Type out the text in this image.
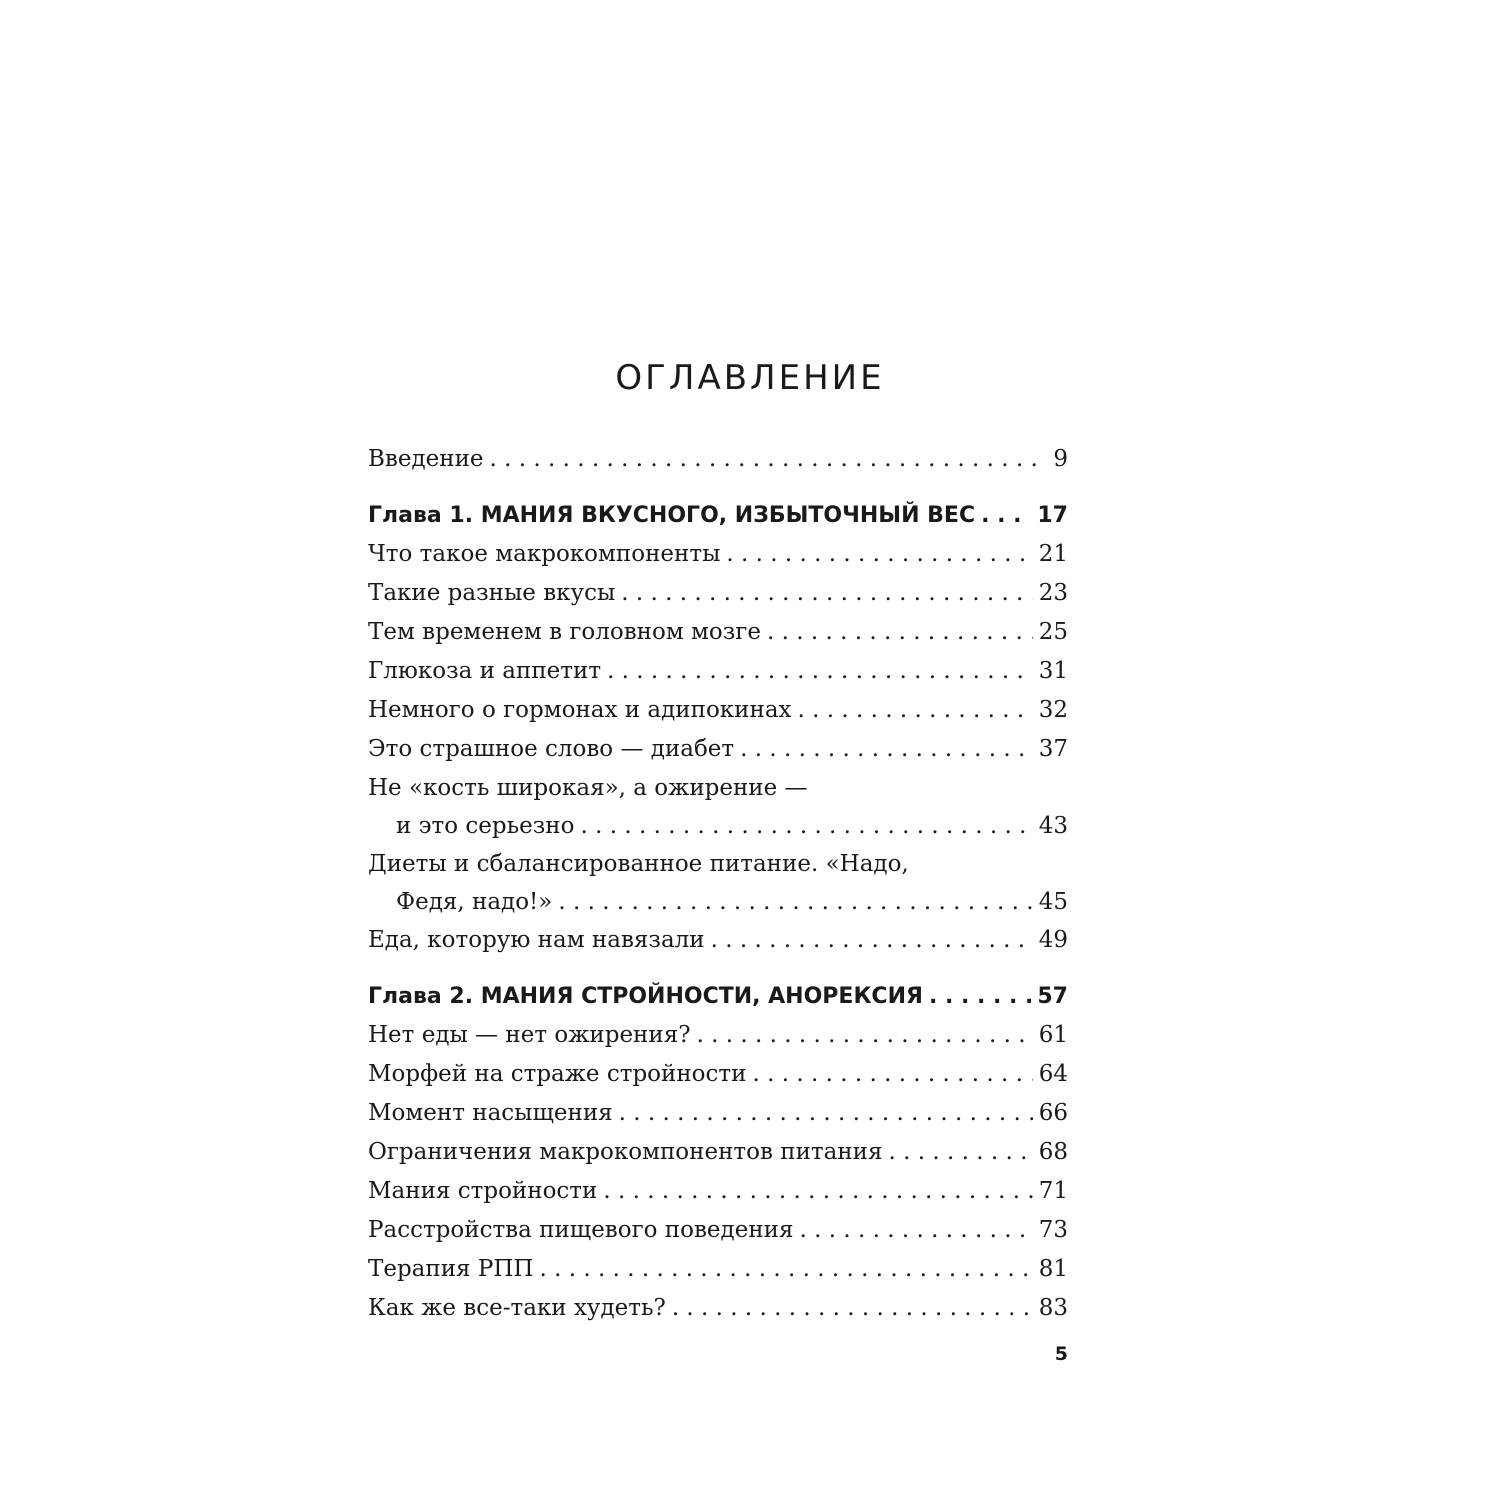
ОГЛАВЛЕНИЕ
Введение . . .	9
Глава 1. МАНИЯ ВКУСНОГО, ИЗБЫТОЧНЫЙ ВЕС . . .	17
Что такое макрокомпоненты . . .	21
Такие разные вкусы . . .	23
Тем временем в головном мозге . . .	25
Глюкоза и аппетит . . .	31
Немного о гормонах и адипокинах . . .	32
Это страшное слово — диабет . . .	37
Не «кость широкая», а ожирение —
и это серьезно . . .	43
Диеты и сбалансированное питание. «Надо,
Федя, надо!» . . .	45
Еда, которую нам навязали . . .	49
Глава 2. МАНИЯ СТРОЙНОСТИ, АНОРЕКСИЯ . . .	57
Нет еды — нет ожирения? . . .	61
Морфей на страже стройности . . .	64
Момент насыщения . . .	66
Ограничения макрокомпонентов питания . . .	68
Мания стройности . . .	71
Расстройства пищевого поведения . . .	73
Терапия РПП . . .	81
Как же все-таки худеть? . . .	83
5
